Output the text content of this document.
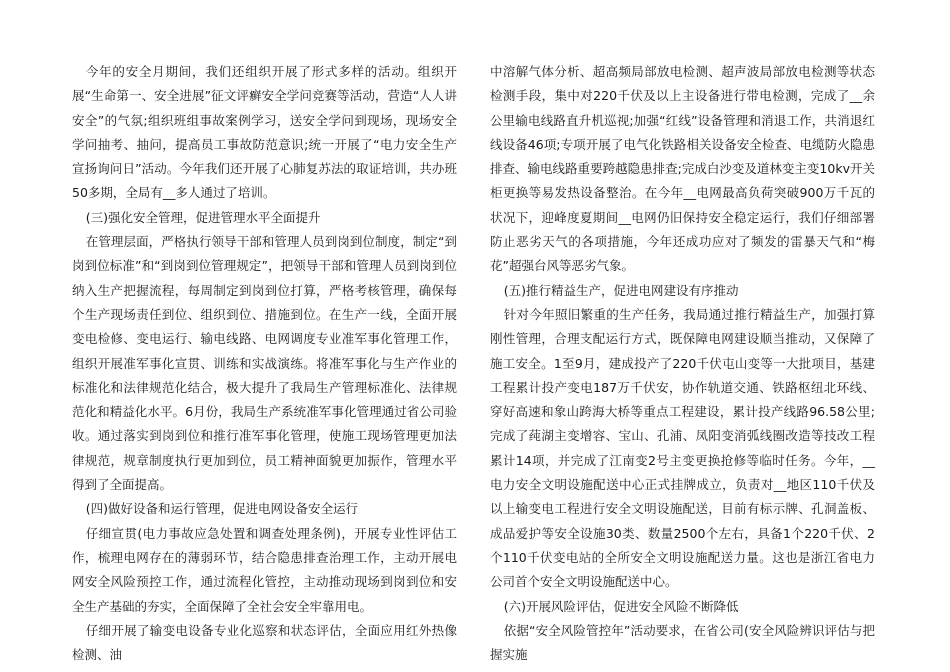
今年的安全月期间，我们还组织开展了形式多样的活动。组织开展“生命第一、安全进展”征文评癣安全学问竞赛等活动，营造“人人讲安全”的气氛;组织班组事故案例学习，送安全学问到现场，现场安全学问抽考、抽问，提高员工事故防范意识;统一开展了“电力安全生产宣扬询问日”活动。今年我们还开展了心肺复苏法的取证培训，共办班50多期，全局有__多人通过了培训。

(三)强化安全管理，促进管理水平全面提升

在管理层面，严格执行领导干部和管理人员到岗到位制度，制定“到岗到位标准”和“到岗到位管理规定”，把领导干部和管理人员到岗到位纳入生产把握流程，每周制定到岗到位打算，严格考核管理，确保每个生产现场责任到位、组织到位、措施到位。在生产一线，全面开展变电检修、变电运行、输电线路、电网调度专业准军事化管理工作，组织开展准军事化宣贯、训练和实战演练。将准军事化与生产作业的标准化和法律规范化结合，极大提升了我局生产管理标准化、法律规范化和精益化水平。6月份，我局生产系统准军事化管理通过省公司验收。通过落实到岗到位和推行准军事化管理，使施工现场管理更加法律规范，规章制度执行更加到位，员工精神面貌更加振作，管理水平得到了全面提高。

(四)做好设备和运行管理，促进电网设备安全运行

仔细宣贯(电力事故应急处置和调查处理条例)，开展专业性评估工作，梳理电网存在的薄弱环节，结合隐患排查治理工作，主动开展电网安全风险预控工作，通过流程化管控，主动推动现场到岗到位和安全生产基础的夯实，全面保障了全社会安全牢靠用电。

仔细开展了输变电设备专业化巡察和状态评估，全面应用红外热像检测、油

中溶解气体分析、超高频局部放电检测、超声波局部放电检测等状态检测手段，集中对220千伏及以上主设备进行带电检测，完成了__余公里输电线路直升机巡视;加强“红线”设备管理和消退工作，共消退红线设备46项;专项开展了电气化铁路相关设备安全检查、电缆防火隐患排查、输电线路重要跨越隐患排查;完成白沙变及道林变主变10kv开关柜更换等易发热设备整治。在今年__电网最高负荷突破900万千瓦的状况下，迎峰度夏期间__电网仍旧保持安全稳定运行，我们仔细部署防止恶劣天气的各项措施，今年还成功应对了频发的雷暴天气和“梅花”超强台风等恶劣气象。

(五)推行精益生产，促进电网建设有序推动

针对今年照旧繁重的生产任务，我局通过推行精益生产，加强打算刚性管理，合理支配运行方式，既保障电网建设顺当推动，又保障了施工安全。1至9月，建成投产了220千伏屯山变等一大批项目，基建工程累计投产变电187万千伏安，协作轨道交通、铁路枢纽北环线、穿好高速和象山跨海大桥等重点工程建设，累计投产线路96.58公里;完成了莼湖主变增容、宝山、孔浦、凤阳变消弧线圈改造等技改工程累计14项，并完成了江南变2号主变更换抢修等临时任务。今年，__电力安全文明设施配送中心正式挂牌成立，负责对__地区110千伏及以上输变电工程进行安全文明设施配送，目前有标示牌、孔洞盖板、成品爱护等安全设施30类、数量2500个左右，具备1个220千伏、2个110千伏变电站的全所安全文明设施配送力量。这也是浙江省电力公司首个安全文明设施配送中心。

(六)开展风险评估，促进安全风险不断降低

依据“安全风险管控年”活动要求，在省公司(安全风险辨识评估与把握实施
